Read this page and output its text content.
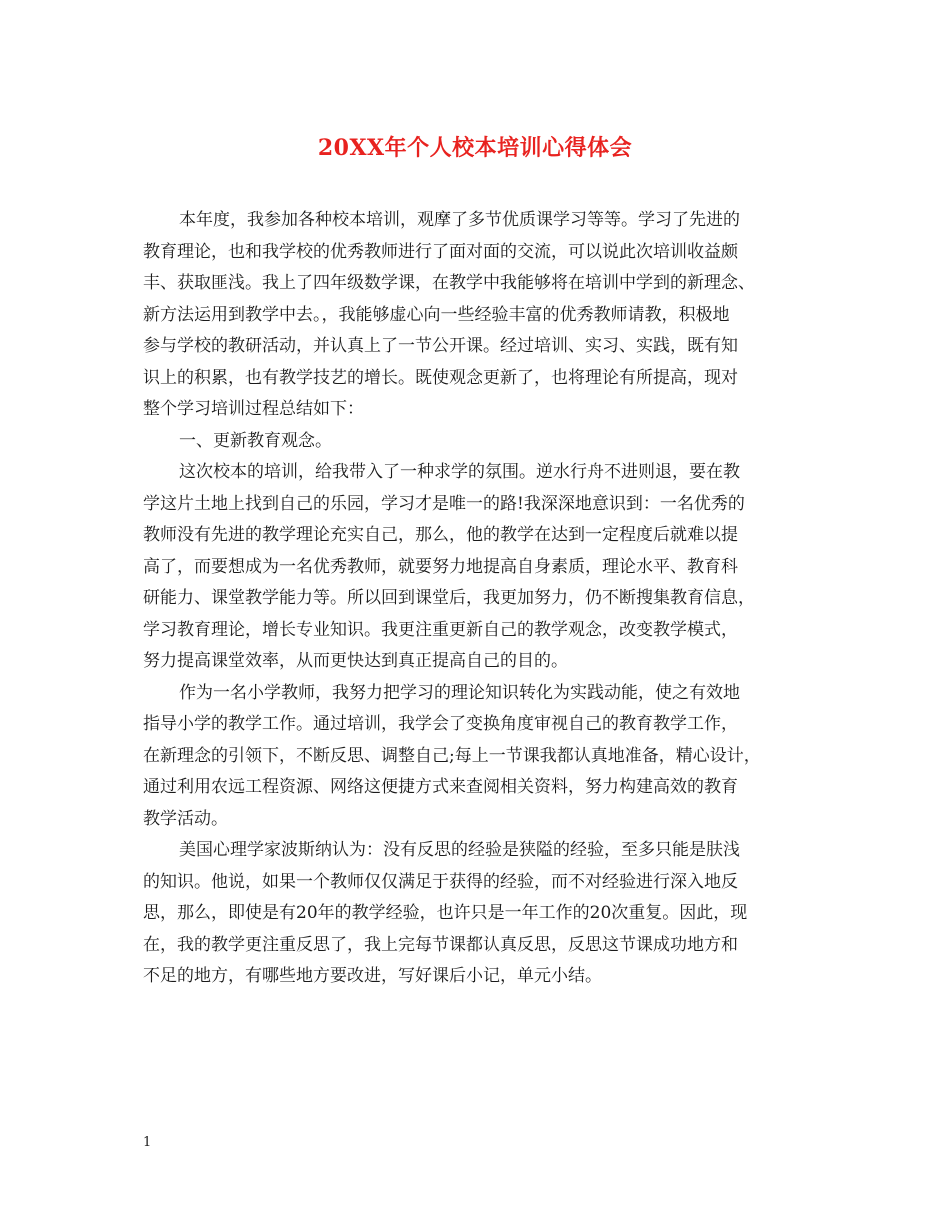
20XX年个人校本培训心得体会
本年度，我参加各种校本培训，观摩了多节优质课学习等等。学习了先进的
教育理论，也和我学校的优秀教师进行了面对面的交流，可以说此次培训收益颇
丰、获取匪浅。我上了四年级数学课，在教学中我能够将在培训中学到的新理念、
新方法运用到教学中去。，我能够虚心向一些经验丰富的优秀教师请教，积极地
参与学校的教研活动，并认真上了一节公开课。经过培训、实习、实践，既有知
识上的积累，也有教学技艺的增长。既使观念更新了，也将理论有所提高，现对
整个学习培训过程总结如下：
一、更新教育观念。
这次校本的培训，给我带入了一种求学的氛围。逆水行舟不进则退，要在教
学这片土地上找到自己的乐园，学习才是唯一的路!我深深地意识到：一名优秀的
教师没有先进的教学理论充实自己，那么，他的教学在达到一定程度后就难以提
高了，而要想成为一名优秀教师，就要努力地提高自身素质，理论水平、教育科
研能力、课堂教学能力等。所以回到课堂后，我更加努力，仍不断搜集教育信息，
学习教育理论，增长专业知识。我更注重更新自己的教学观念，改变教学模式，
努力提高课堂效率，从而更快达到真正提高自己的目的。
作为一名小学教师，我努力把学习的理论知识转化为实践动能，使之有效地
指导小学的教学工作。通过培训，我学会了变换角度审视自己的教育教学工作，
在新理念的引领下，不断反思、调整自己;每上一节课我都认真地准备，精心设计，
通过利用农远工程资源、网络这便捷方式来查阅相关资料，努力构建高效的教育
教学活动。
美国心理学家波斯纳认为：没有反思的经验是狭隘的经验，至多只能是肤浅
的知识。他说，如果一个教师仅仅满足于获得的经验，而不对经验进行深入地反
思，那么，即使是有20年的教学经验，也许只是一年工作的20次重复。因此，现
在，我的教学更注重反思了，我上完每节课都认真反思，反思这节课成功地方和
不足的地方，有哪些地方要改进，写好课后小记，单元小结。
1
